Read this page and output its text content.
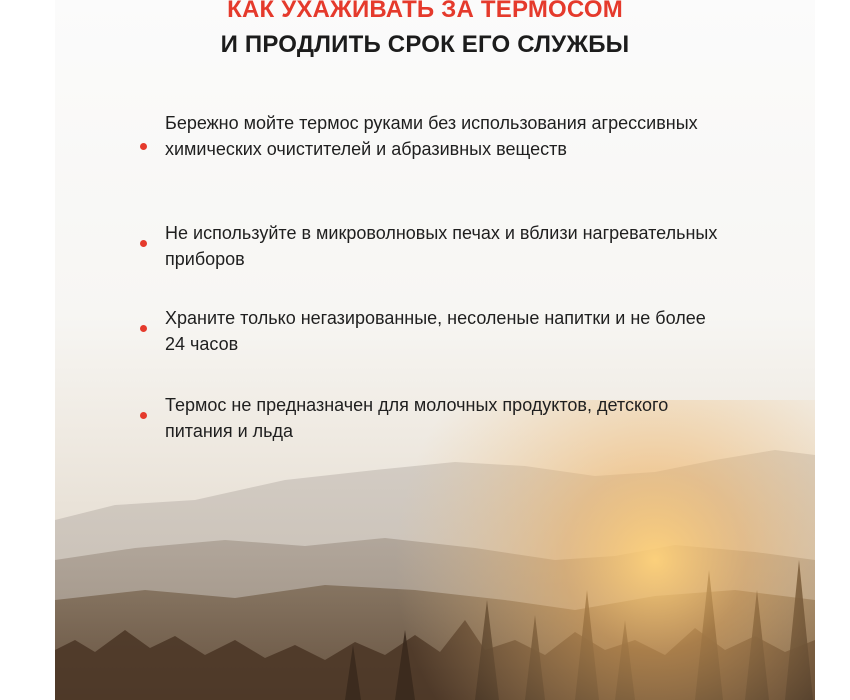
КАК УХАЖИВАТЬ ЗА ТЕРМОСОМ
И ПРОДЛИТЬ СРОК ЕГО СЛУЖБЫ
Бережно мойте термос руками без использования агрессивных химических очистителей и абразивных веществ
Не используйте в микроволновых печах и вблизи нагревательных приборов
Храните только негазированные, несоленые напитки и не более 24 часов
Термос не предназначен для молочных продуктов, детского питания и льда
